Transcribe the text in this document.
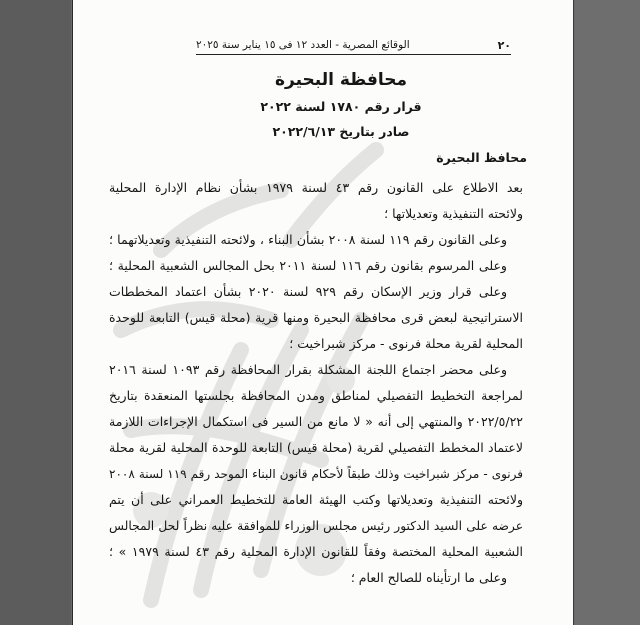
٢٠
الوقائع المصرية - العدد ١٢ فى ١٥ يناير سنة ٢٠٢٥
محافظة البحيرة
قرار رقم ١٧٨٠ لسنة ٢٠٢٢
صادر بتاريخ ٢٠٢٢/٦/١٣
محافظ البحيرة
بعد الاطلاع على القانون رقم ٤٣ لسنة ١٩٧٩ بشأن نظام الإدارة المحلية
ولائحته التنفيذية وتعديلاتها ؛
وعلى القانون رقم ١١٩ لسنة ٢٠٠٨ بشأن البناء ، ولائحته التنفيذية وتعديلاتهما ؛
وعلى المرسوم بقانون رقم ١١٦ لسنة ٢٠١١ بحل المجالس الشعبية المحلية ؛
وعلى قرار وزير الإسكان رقم ٩٢٩ لسنة ٢٠٢٠ بشأن اعتماد المخططات
الاستراتيجية لبعض قرى محافظة البحيرة ومنها قرية (محلة قيس) التابعة للوحدة
المحلية لقرية محلة فرنوى - مركز شبراخيت ؛
وعلى محضر اجتماع اللجنة المشكلة بقرار المحافظة رقم ١٠٩٣ لسنة ٢٠١٦
لمراجعة التخطيط التفصيلي لمناطق ومدن المحافظة بجلستها المنعقدة بتاريخ
٢٠٢٢/٥/٢٢ والمنتهي إلى أنه « لا مانع من السير فى استكمال الإجراءات اللازمة
لاعتماد المخطط التفصيلي لقرية (محلة قيس) التابعة للوحدة المحلية لقرية محلة
فرنوى - مركز شبراخيت وذلك طبقاً لأحكام قانون البناء الموحد رقم ١١٩ لسنة ٢٠٠٨
ولائحته التنفيذية وتعديلاتها وكتب الهيئة العامة للتخطيط العمراني على أن يتم
عرضه على السيد الدكتور رئيس مجلس الوزراء للموافقة عليه نظراً لحل المجالس
الشعبية المحلية المختصة وفقاً للقانون الإدارة المحلية رقم ٤٣ لسنة ١٩٧٩ » ؛
وعلى ما ارتأيناه للصالح العام ؛
